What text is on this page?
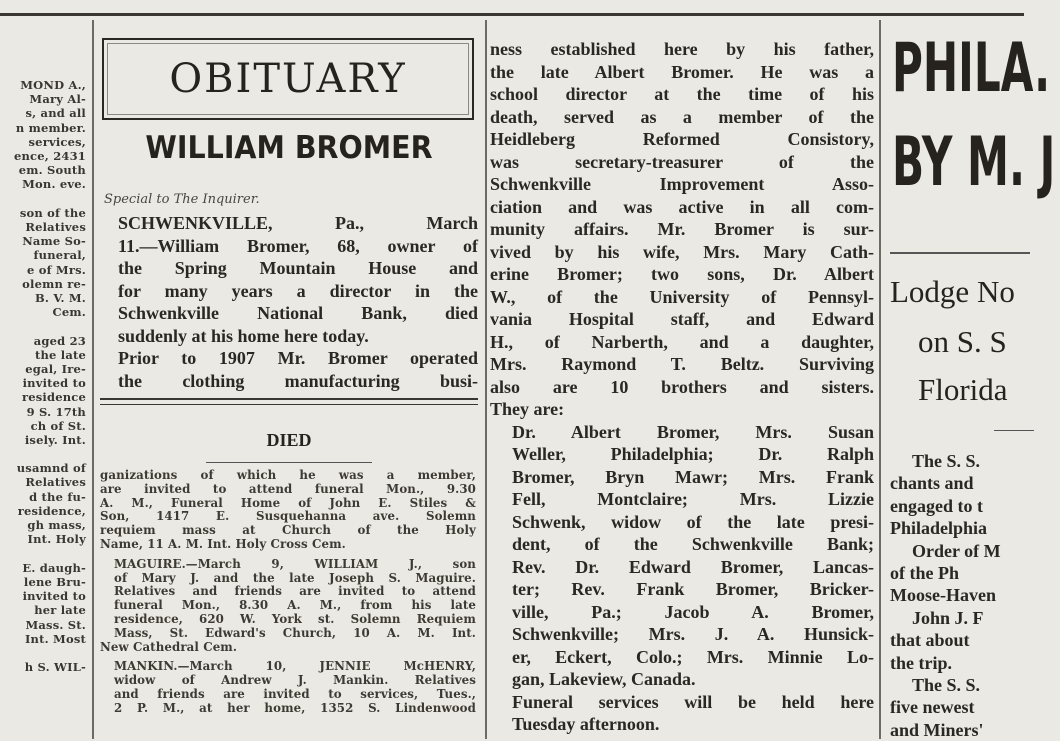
MOND A.,

Mary Al-

s, and all

n member.

services,

ence, 2431

em. South

Mon. eve.

son of the

Relatives

Name So-

funeral,

e of Mrs.

olemn re-

B. V. M.

Cem.

aged 23

the late

egal, Ire-

invited to

residence

9 S. 17th

ch of St.

isely. Int.

usamnd of

Relatives

d the fu-

residence,

gh mass,

Int. Holy

E. daugh-

lene Bru-

invited to

her late

Mass. St.

Int. Most

h S. WIL-

OBITUARY
WILLIAM BROMER
Special to The Inquirer.

SCHWENKVILLE, Pa., March
11.—William Bromer, 68, owner of
the Spring Mountain House and
for many years a director in the
Schwenkville National Bank, died
suddenly at his home here today.

Prior to 1907 Mr. Bromer operated
the clothing manufacturing busi-

DIED

ganizations of which he was a member,
are invited to attend funeral Mon., 9.30
A. M., Funeral Home of John E. Stiles &
Son, 1417 E. Susquehanna ave. Solemn
requiem mass at Church of the Holy
Name, 11 A. M. Int. Holy Cross Cem.

MAGUIRE.—March 9, WILLIAM J., son
of Mary J. and the late Joseph S. Maguire.
Relatives and friends are invited to attend
funeral Mon., 8.30 A. M., from his late
residence, 620 W. York st. Solemn Requiem
Mass, St. Edward's Church, 10 A. M. Int.
New Cathedral Cem.

MANKIN.—March 10, JENNIE McHENRY,
widow of Andrew J. Mankin. Relatives
and friends are invited to services, Tues.,
2 P. M., at her home, 1352 S. Lindenwood

ness established here by his father,
the late Albert Bromer. He was a
school director at the time of his
death, served as a member of the
Heidleberg Reformed Consistory,
was secretary-treasurer of the
Schwenkville Improvement Asso-
ciation and was active in all com-
munity affairs. Mr. Bromer is sur-
vived by his wife, Mrs. Mary Cath-
erine Bromer; two sons, Dr. Albert
W., of the University of Pennsyl-
vania Hospital staff, and Edward
H., of Narberth, and a daughter,
Mrs. Raymond T. Beltz. Surviving
also are 10 brothers and sisters.
They are:

Dr. Albert Bromer, Mrs. Susan
Weller, Philadelphia; Dr. Ralph
Bromer, Bryn Mawr; Mrs. Frank
Fell, Montclaire; Mrs. Lizzie
Schwenk, widow of the late presi-
dent, of the Schwenkville Bank;
Rev. Dr. Edward Bromer, Lancas-
ter; Rev. Frank Bromer, Bricker-
ville, Pa.; Jacob A. Bromer,
Schwenkville; Mrs. J. A. Hunsick-
er, Eckert, Colo.; Mrs. Minnie Lo-
gan, Lakeview, Canada.

Funeral services will be held here
Tuesday afternoon.

PHILA.
BY M. J
Lodge No
on S. S
Florida

The S. S.

chants and

engaged to t

Philadelphia

Order of M

of the Ph

Moose-Haven

John J. F

that about

the trip.

The S. S.

five newest

and Miners'
